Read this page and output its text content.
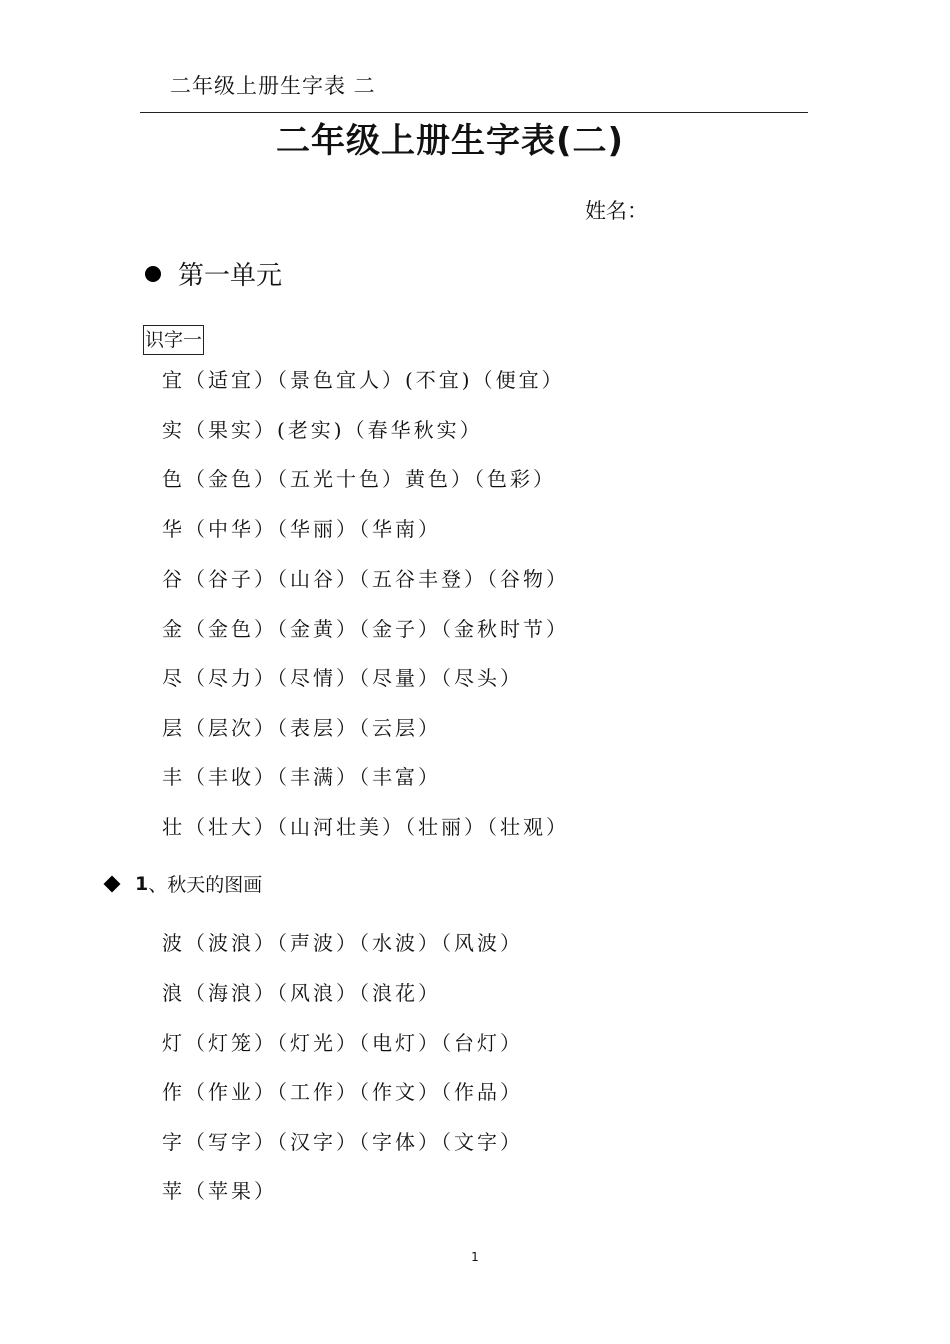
二年级上册生字表 二
二年级上册生字表(二)
姓名：
第一单元
识字一
宜（适宜）（景色宜人）(不宜)（便宜）
实（果实）(老实)（春华秋实）
色（金色）（五光十色）黄色）（色彩）
华（中华）（华丽）（华南）
谷（谷子）（山谷）（五谷丰登）（谷物）
金（金色）（金黄）（金子）（金秋时节）
尽（尽力）（尽情）（尽量）（尽头）
层（层次）（表层）（云层）
丰（丰收）（丰满）（丰富）
壮（壮大）（山河壮美）（壮丽）（壮观）
1 、秋天的图画
波（波浪）（声波）（水波）（风波）
浪（海浪）（风浪）（浪花）
灯（灯笼）（灯光）（电灯）（台灯）
作（作业）（工作）（作文）（作品）
字（写字）（汉字）（字体）（文字）
苹（苹果）
1
